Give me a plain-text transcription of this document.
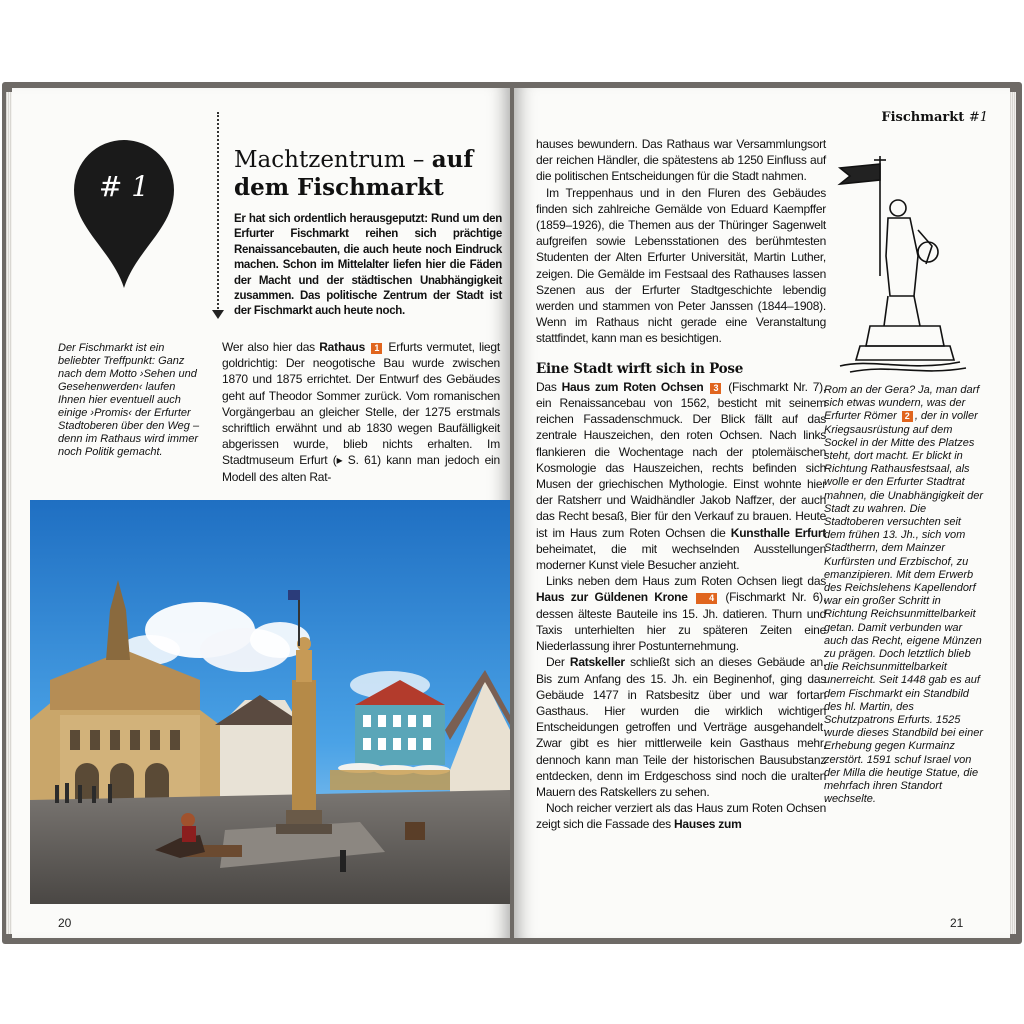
# 1
Machtzentrum – auf
dem Fischmarkt
Er hat sich ordentlich herausgeputzt: Rund um den Erfurter Fischmarkt reihen sich prächtige Renaissancebauten, die auch heute noch Eindruck machen. Schon im Mittelalter liefen hier die Fäden der Macht und der städtischen Unabhängigkeit zusammen. Das politische Zentrum der Stadt ist der Fischmarkt auch heute noch.
Der Fischmarkt ist ein beliebter Treffpunkt: Ganz nach dem Motto ›Sehen und Gesehenwerden‹ laufen Ihnen hier eventuell auch einige ›Promis‹ der Erfurter Stadtoberen über den Weg – denn im Rathaus wird immer noch Politik gemacht.
Wer also hier das Rathaus 1 Erfurts vermutet, liegt goldrichtig: Der neogotische Bau wurde zwischen 1870 und 1875 errichtet. Der Entwurf des Gebäudes geht auf Theodor Sommer zurück. Vom romanischen Vorgängerbau an gleicher Stelle, der 1275 erstmals schriftlich erwähnt und ab 1830 wegen Baufälligkeit abgerissen wurde, blieb nichts erhalten. Im Stadtmuseum Erfurt (▸ S. 61) kann man jedoch ein Modell des alten Rat-
20
Fischmarkt #1

hauses bewundern. Das Rathaus war Versammlungsort der reichen Händler, die spätestens ab 1250 Einfluss auf die politischen Entscheidungen für die Stadt nahmen.

Im Treppenhaus und in den Fluren des Gebäudes finden sich zahlreiche Gemälde von Eduard Kaempffer (1859–1926), die Themen aus der Thüringer Sagenwelt aufgreifen sowie Lebensstationen des berühmtesten Studenten der Alten Erfurter Universität, Martin Luther, zeigen. Die Gemälde im Festsaal des Rathauses lassen Szenen aus der Erfurter Stadtgeschichte lebendig werden und stammen von Peter Janssen (1844–1908). Wenn im Rathaus nicht gerade eine Veranstaltung stattfindet, kann man es besichtigen.

Eine Stadt wirft sich in Pose

Das Haus zum Roten Ochsen 3 (Fischmarkt Nr. 7), ein Renaissancebau von 1562, besticht mit seinem reichen Fassadenschmuck. Der Blick fällt auf das zentrale Hauszeichen, den roten Ochsen. Nach links flankieren die Wochentage nach der ptolemäischen Kosmologie das Hauszeichen, rechts befinden sich Musen der griechischen Mythologie. Einst wohnte hier der Ratsherr und Waidhändler Jakob Naffzer, der auch das Recht besaß, Bier für den Verkauf zu brauen. Heute ist im Haus zum Roten Ochsen die Kunsthalle Erfurt beheimatet, die mit wechselnden Ausstellungen moderner Kunst viele Besucher anzieht.

Links neben dem Haus zum Roten Ochsen liegt das Haus zur Güldenen Krone 4 (Fischmarkt Nr. 6), dessen älteste Bauteile ins 15. Jh. datieren. Thurn und Taxis unterhielten hier zu späteren Zeiten eine Niederlassung ihrer Postunternehmung.

Der Ratskeller schließt sich an dieses Gebäude an. Bis zum Anfang des 15. Jh. ein Beginenhof, ging das Gebäude 1477 in Ratsbesitz über und war fortan Gasthaus. Hier wurden die wirklich wichtigen Entscheidungen getroffen und Verträge ausgehandelt. Zwar gibt es hier mittlerweile kein Gasthaus mehr, dennoch kann man Teile der historischen Bausubstanz entdecken, denn im Erdgeschoss sind noch die uralten Mauern des Ratskellers zu sehen.

Noch reicher verziert als das Haus zum Roten Ochsen zeigt sich die Fassade des Hauses zum

Rom an der Gera? Ja, man darf sich etwas wundern, was der Erfurter Römer 2 , der in voller Kriegsausrüstung auf dem Sockel in der Mitte des Platzes steht, dort macht. Er blickt in Richtung Rathausfestsaal, als wolle er den Erfurter Stadtrat mahnen, die Unabhängigkeit der Stadt zu wahren. Die Stadtoberen versuchten seit dem frühen 13. Jh., sich vom Stadtherrn, dem Mainzer Kurfürsten und Erzbischof, zu emanzipieren. Mit dem Erwerb des Reichslehens Kapellendorf war ein großer Schritt in Richtung Reichsunmittelbarkeit getan. Damit verbunden war auch das Recht, eigene Münzen zu prägen. Doch letztlich blieb die Reichsunmittelbarkeit unerreicht. Seit 1448 gab es auf dem Fischmarkt ein Standbild des hl. Martin, des Schutzpatrons Erfurts. 1525 wurde dieses Standbild bei einer Erhebung gegen Kurmainz zerstört. 1591 schuf Israel von der Milla die heutige Statue, die mehrfach ihren Standort wechselte.
21
